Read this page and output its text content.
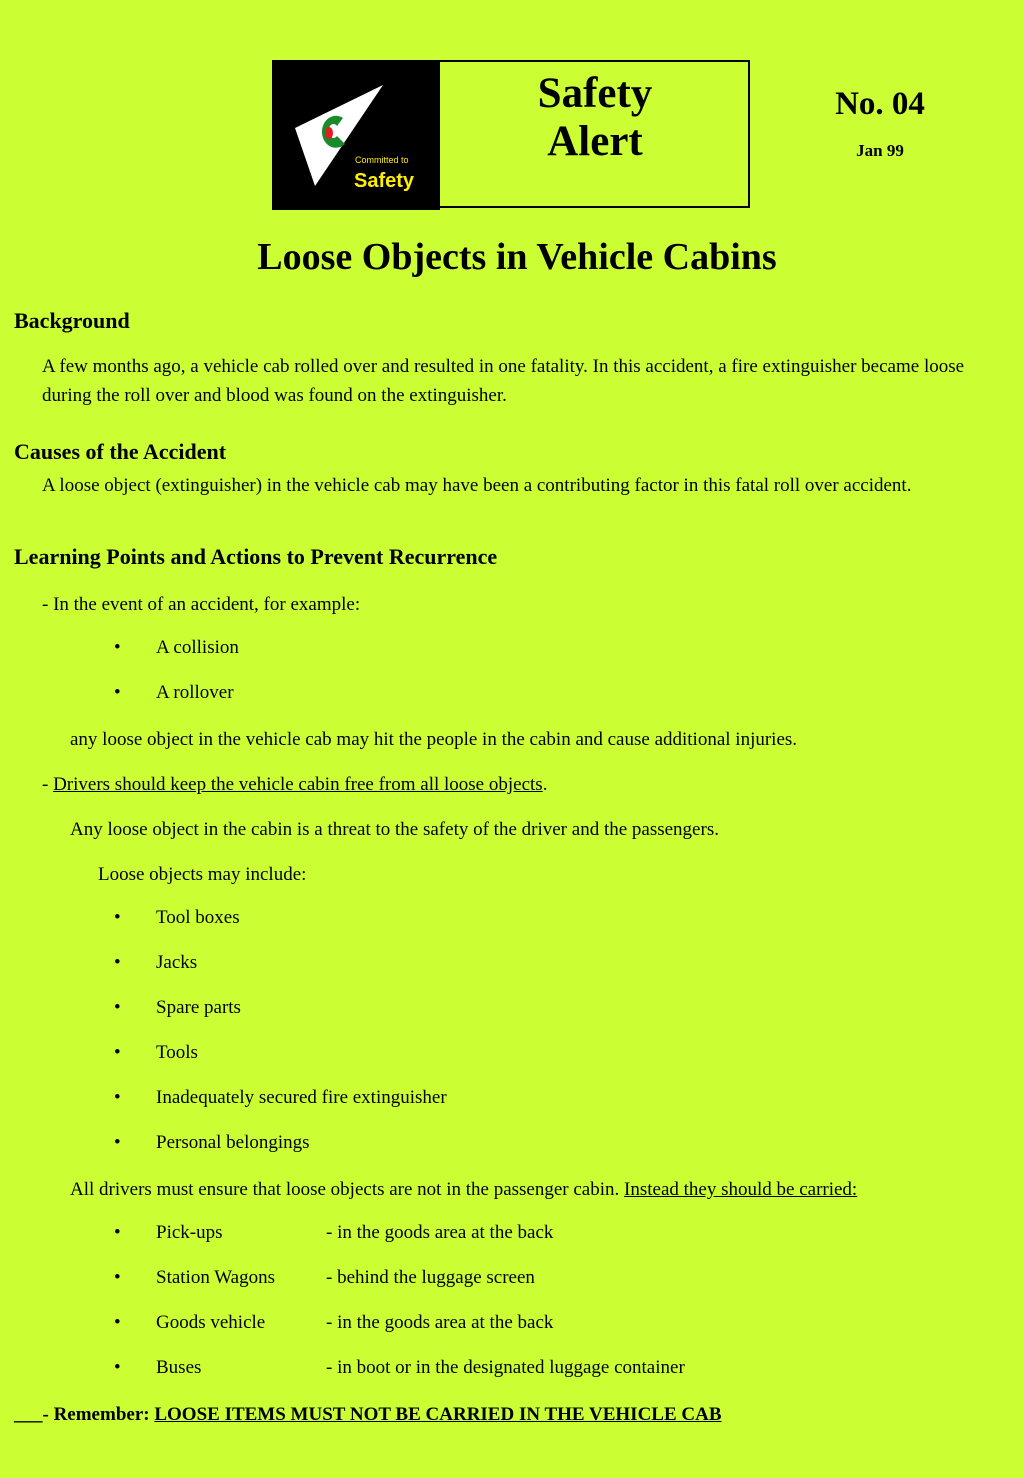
Committed to
Safety
Safety
Alert
No. 04
Jan 99
Loose Objects in Vehicle Cabins
Background

A few months ago, a vehicle cab rolled over and resulted in one fatality. In this accident, a fire extinguisher became loose during the roll over and blood was found on the extinguisher.

Causes of the Accident

A loose object (extinguisher) in the vehicle cab may have been a contributing factor in this fatal roll over accident.

Learning Points and Actions to Prevent Recurrence

- In the event of an accident, for example:

• A collision
• A rollover

any loose object in the vehicle cab may hit the people in the cabin and cause additional injuries.

- Drivers should keep the vehicle cabin free from all loose objects.

Any loose object in the cabin is a threat to the safety of the driver and the passengers.

Loose objects may include:

• Tool boxes
• Jacks
• Spare parts
• Tools
• Inadequately secured fire extinguisher
• Personal belongings

All drivers must ensure that loose objects are not in the passenger cabin. Instead they should be carried:

• Pick-ups	- in the goods area at the back
• Station Wagons	- behind the luggage screen
• Goods vehicle	- in the goods area at the back
• Buses	- in boot or in the designated luggage container

___- Remember: LOOSE ITEMS MUST NOT BE CARRIED IN THE VEHICLE CAB
